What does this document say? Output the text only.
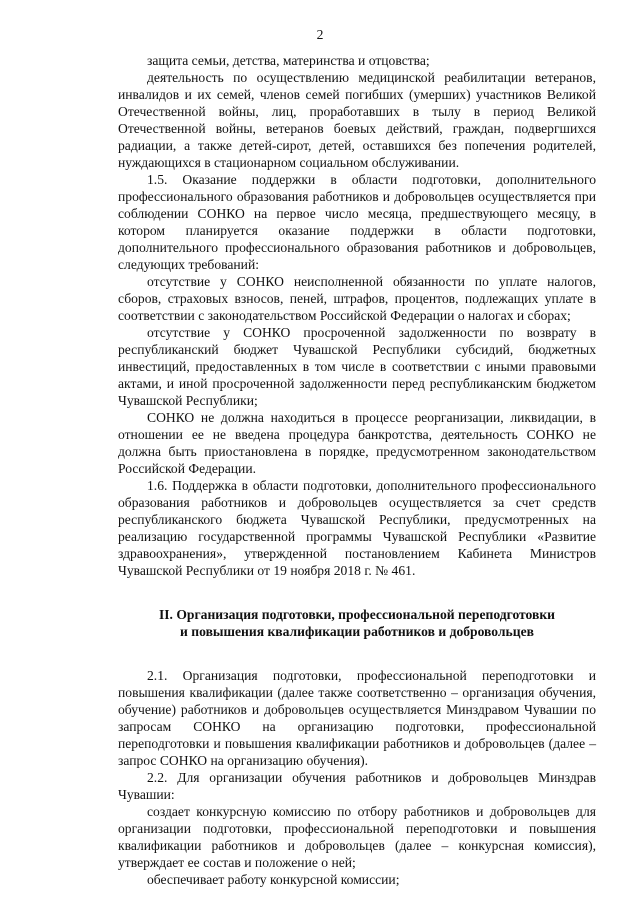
2

защита семьи, детства, материнства и отцовства;

деятельность по осуществлению медицинской реабилитации ветеранов, инвалидов и их семей, членов семей погибших (умерших) участников Великой Отечественной войны, лиц, проработавших в тылу в период Великой Отечественной войны, ветеранов боевых действий, граждан, подвергшихся радиации, а также детей-сирот, детей, оставшихся без попечения родителей, нуждающихся в стационарном социальном обслуживании.

1.5. Оказание поддержки в области подготовки, дополнительного профессионального образования работников и добровольцев осуществляется при соблюдении СОНКО на первое число месяца, предшествующего месяцу, в котором планируется оказание поддержки в области подготовки, дополнительного профессионального образования работников и добровольцев, следующих требований:

отсутствие у СОНКО неисполненной обязанности по уплате налогов, сборов, страховых взносов, пеней, штрафов, процентов, подлежащих уплате в соответствии с законодательством Российской Федерации о налогах и сборах;

отсутствие у СОНКО просроченной задолженности по возврату в республиканский бюджет Чувашской Республики субсидий, бюджетных инвестиций, предоставленных в том числе в соответствии с иными правовыми актами, и иной просроченной задолженности перед республиканским бюджетом Чувашской Республики;

СОНКО не должна находиться в процессе реорганизации, ликвидации, в отношении ее не введена процедура банкротства, деятельность СОНКО не должна быть приостановлена в порядке, предусмотренном законодательством Российской Федерации.

1.6. Поддержка в области подготовки, дополнительного профессионального образования работников и добровольцев осуществляется за счет средств республиканского бюджета Чувашской Республики, предусмотренных на реализацию государственной программы Чувашской Республики «Развитие здравоохранения», утвержденной постановлением Кабинета Министров Чувашской Республики от 19 ноября 2018 г. № 461.

II. Организация подготовки, профессиональной переподготовки
и повышения квалификации работников и добровольцев

2.1. Организация подготовки, профессиональной переподготовки и повышения квалификации (далее также соответственно – организация обучения, обучение) работников и добровольцев осуществляется Минздравом Чувашии по запросам СОНКО на организацию подготовки, профессиональной переподготовки и повышения квалификации работников и добровольцев (далее – запрос СОНКО на организацию обучения).

2.2. Для организации обучения работников и добровольцев Минздрав Чувашии:

создает конкурсную комиссию по отбору работников и добровольцев для организации подготовки, профессиональной переподготовки и повышения квалификации работников и добровольцев (далее – конкурсная комиссия), утверждает ее состав и положение о ней;

обеспечивает работу конкурсной комиссии;
